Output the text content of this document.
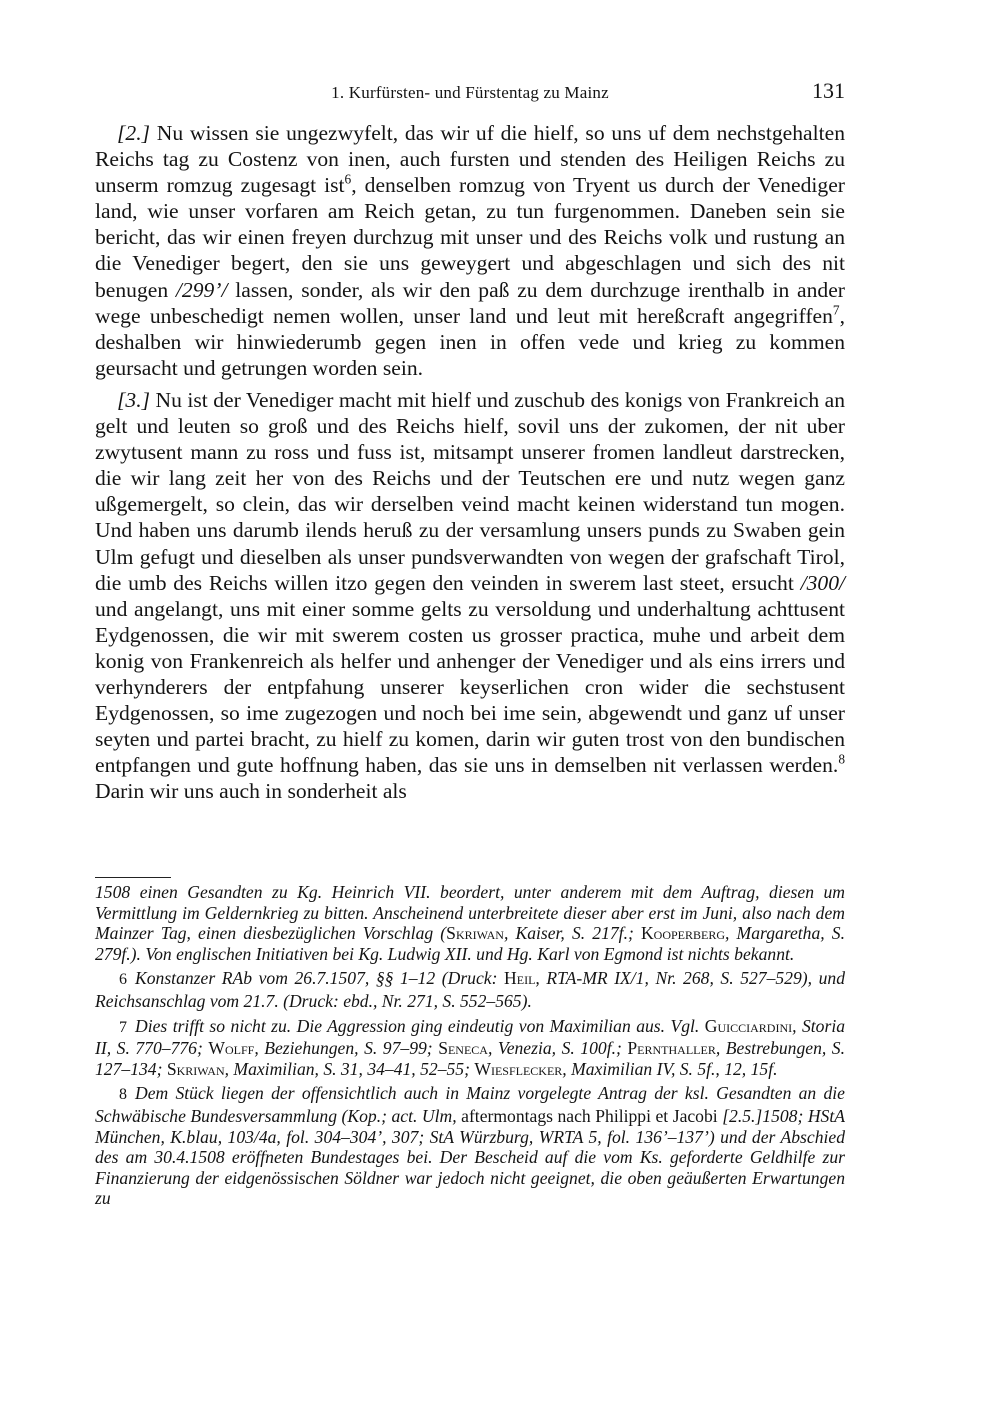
1. Kurfürsten- und Fürstentag zu Mainz	131

[2.] Nu wissen sie ungezwyfelt, das wir uf die hielf, so uns uf dem nechstgehalten Reichs tag zu Costenz von inen, auch fursten und stenden des Heiligen Reichs zu unserm romzug zugesagt ist$^6$, denselben romzug von Tryent us durch der Venediger land, wie unser vorfaren am Reich getan, zu tun furgenommen. Daneben sein sie bericht, das wir einen freyen durchzug mit unser und des Reichs volk und rustung an die Venediger begert, den sie uns geweygert und abgeschlagen und sich des nit benugen /299’/ lassen, sonder, als wir den paß zu dem durchzuge irenthalb in ander wege unbeschedigt nemen wollen, unser land und leut mit hereßcraft angegriffen$^7$, deshalben wir hinwiederumb gegen inen in offen vede und krieg zu kommen geursacht und getrungen worden sein.

[3.] Nu ist der Venediger macht mit hielf und zuschub des konigs von Frankreich an gelt und leuten so groß und des Reichs hielf, sovil uns der zukomen, der nit uber zwytusent mann zu ross und fuss ist, mitsampt unserer fromen landleut darstrecken, die wir lang zeit her von des Reichs und der Teutschen ere und nutz wegen ganz ußgemergelt, so clein, das wir derselben veind macht keinen widerstand tun mogen. Und haben uns darumb ilends heruß zu der versamlung unsers punds zu Swaben gein Ulm gefugt und dieselben als unser pundsverwandten von wegen der grafschaft Tirol, die umb des Reichs willen itzo gegen den veinden in swerem last steet, ersucht /300/ und angelangt, uns mit einer somme gelts zu versoldung und underhaltung achttusent Eydgenossen, die wir mit swerem costen us grosser practica, muhe und arbeit dem konig von Frankenreich als helfer und anhenger der Venediger und als eins irrers und verhynderers der entpfahung unserer keyserlichen cron wider die sechstusent Eydgenossen, so ime zugezogen und noch bei ime sein, abgewendt und ganz uf unser seyten und partei bracht, zu hielf zu komen, darin wir guten trost von den bundischen entpfangen und gute hoffnung haben, das sie uns in demselben nit verlassen werden.$^8$ Darin wir uns auch in sonderheit als

1508 einen Gesandten zu Kg. Heinrich VII. beordert, unter anderem mit dem Auftrag, diesen um Vermittlung im Geldernkrieg zu bitten. Anscheinend unterbreitete dieser aber erst im Juni, also nach dem Mainzer Tag, einen diesbezüglichen Vorschlag (Skriwan, Kaiser, S. 217f.; Kooperberg, Margaretha, S. 279f.). Von englischen Initiativen bei Kg. Ludwig XII. und Hg. Karl von Egmond ist nichts bekannt.

6 Konstanzer RAb vom 26.7.1507, §§ 1–12 (Druck: Heil, RTA-MR IX/1, Nr. 268, S. 527–529), und Reichsanschlag vom 21.7. (Druck: ebd., Nr. 271, S. 552–565).

7 Dies trifft so nicht zu. Die Aggression ging eindeutig von Maximilian aus. Vgl. Guicciardini, Storia II, S. 770–776; Wolff, Beziehungen, S. 97–99; Seneca, Venezia, S. 100f.; Pernthaller, Bestrebungen, S. 127–134; Skriwan, Maximilian, S. 31, 34–41, 52–55; Wiesflecker, Maximilian IV, S. 5f., 12, 15f.

8 Dem Stück liegen der offensichtlich auch in Mainz vorgelegte Antrag der ksl. Gesandten an die Schwäbische Bundesversammlung (Kop.; act. Ulm, aftermontags nach Philippi et Jacobi [2.5.]1508; HStA München, K.blau, 103/4a, fol. 304–304’, 307; StA Würzburg, WRTA 5, fol. 136’–137’) und der Abschied des am 30.4.1508 eröffneten Bundestages bei. Der Bescheid auf die vom Ks. geforderte Geldhilfe zur Finanzierung der eidgenössischen Söldner war jedoch nicht geeignet, die oben geäußerten Erwartungen zu
